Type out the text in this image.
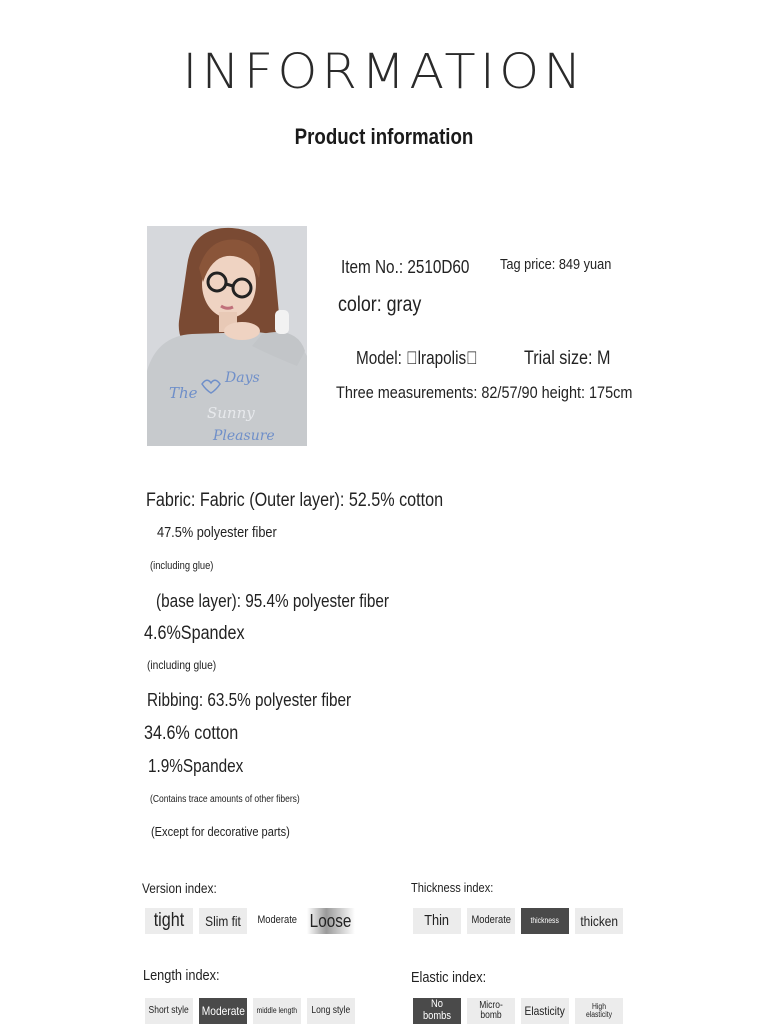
INFORMATION
Product information
The
Days
Sunny
Pleasure
Item No.: 2510D60 Tag price: 849 yuan
color: gray
Model:  lrapolis  Trial size: M
Three measurements: 82/57/90 height: 175cm
Fabric: Fabric (Outer layer): 52.5% cotton
47.5% polyester fiber
(including glue)
(base layer): 95.4% polyester fiber
4.6%Spandex
(including glue)
Ribbing: 63.5% polyester fiber
34.6% cotton
1.9%Spandex
(Contains trace amounts of other fibers)
(Except for decorative parts)
Version index:
tight Slim fit Moderate Loose
Thickness index:
Thin Moderate	thickness thicken
Length index:
Short style Moderate middle length Long style
Elastic index:
No bombs
Micro-bomb	Elasticity	High elasticity
